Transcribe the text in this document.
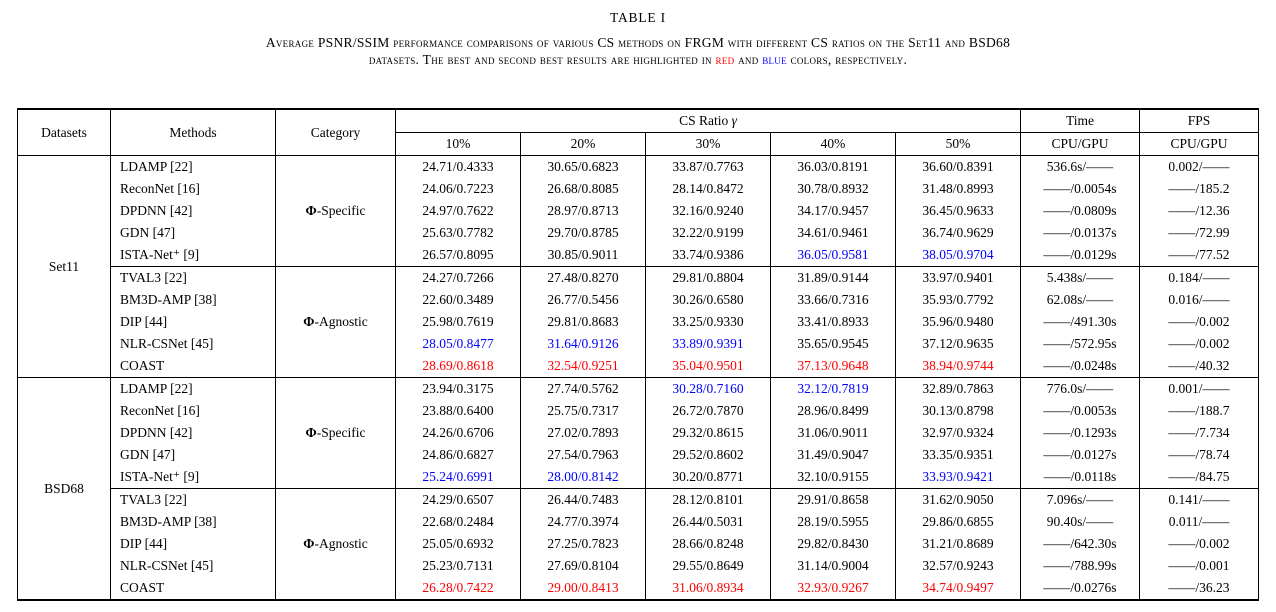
TABLE I
Average PSNR/SSIM performance comparisons of various CS methods on FRGM with different CS ratios on the Set11 and BSD68
datasets. The best and second best results are highlighted in red and blue colors, respectively.
Datasets	Methods	Category	CS Ratio γ					Time	FPS
			10%	20%	30%	40%	50%	CPU/GPU	CPU/GPU
Set11	LDAMP [22]	Φ-Specific	24.71/0.4333	30.65/0.6823	33.87/0.7763	36.03/0.8191	36.60/0.8391	536.6s/——	0.002/——
	ReconNet [16]		24.06/0.7223	26.68/0.8085	28.14/0.8472	30.78/0.8932	31.48/0.8993	——/0.0054s	——/185.2
	DPDNN [42]		24.97/0.7622	28.97/0.8713	32.16/0.9240	34.17/0.9457	36.45/0.9633	——/0.0809s	——/12.36
	GDN [47]		25.63/0.7782	29.70/0.8785	32.22/0.9199	34.61/0.9461	36.74/0.9629	——/0.0137s	——/72.99
	ISTA-Net⁺ [9]		26.57/0.8095	30.85/0.9011	33.74/0.9386	36.05/0.9581	38.05/0.9704	——/0.0129s	——/77.52
	TVAL3 [22]	Φ-Agnostic	24.27/0.7266	27.48/0.8270	29.81/0.8804	31.89/0.9144	33.97/0.9401	5.438s/——	0.184/——
	BM3D-AMP [38]		22.60/0.3489	26.77/0.5456	30.26/0.6580	33.66/0.7316	35.93/0.7792	62.08s/——	0.016/——
	DIP [44]		25.98/0.7619	29.81/0.8683	33.25/0.9330	33.41/0.8933	35.96/0.9480	——/491.30s	——/0.002
	NLR-CSNet [45]		28.05/0.8477	31.64/0.9126	33.89/0.9391	35.65/0.9545	37.12/0.9635	——/572.95s	——/0.002
	COAST		28.69/0.8618	32.54/0.9251	35.04/0.9501	37.13/0.9648	38.94/0.9744	——/0.0248s	——/40.32
BSD68	LDAMP [22]	Φ-Specific	23.94/0.3175	27.74/0.5762	30.28/0.7160	32.12/0.7819	32.89/0.7863	776.0s/——	0.001/——
	ReconNet [16]		23.88/0.6400	25.75/0.7317	26.72/0.7870	28.96/0.8499	30.13/0.8798	——/0.0053s	——/188.7
	DPDNN [42]		24.26/0.6706	27.02/0.7893	29.32/0.8615	31.06/0.9011	32.97/0.9324	——/0.1293s	——/7.734
	GDN [47]		24.86/0.6827	27.54/0.7963	29.52/0.8602	31.49/0.9047	33.35/0.9351	——/0.0127s	——/78.74
	ISTA-Net⁺ [9]		25.24/0.6991	28.00/0.8142	30.20/0.8771	32.10/0.9155	33.93/0.9421	——/0.0118s	——/84.75
	TVAL3 [22]	Φ-Agnostic	24.29/0.6507	26.44/0.7483	28.12/0.8101	29.91/0.8658	31.62/0.9050	7.096s/——	0.141/——
	BM3D-AMP [38]		22.68/0.2484	24.77/0.3974	26.44/0.5031	28.19/0.5955	29.86/0.6855	90.40s/——	0.011/——
	DIP [44]		25.05/0.6932	27.25/0.7823	28.66/0.8248	29.82/0.8430	31.21/0.8689	——/642.30s	——/0.002
	NLR-CSNet [45]		25.23/0.7131	27.69/0.8104	29.55/0.8649	31.14/0.9004	32.57/0.9243	——/788.99s	——/0.001
	COAST		26.28/0.7422	29.00/0.8413	31.06/0.8934	32.93/0.9267	34.74/0.9497	——/0.0276s	——/36.23
